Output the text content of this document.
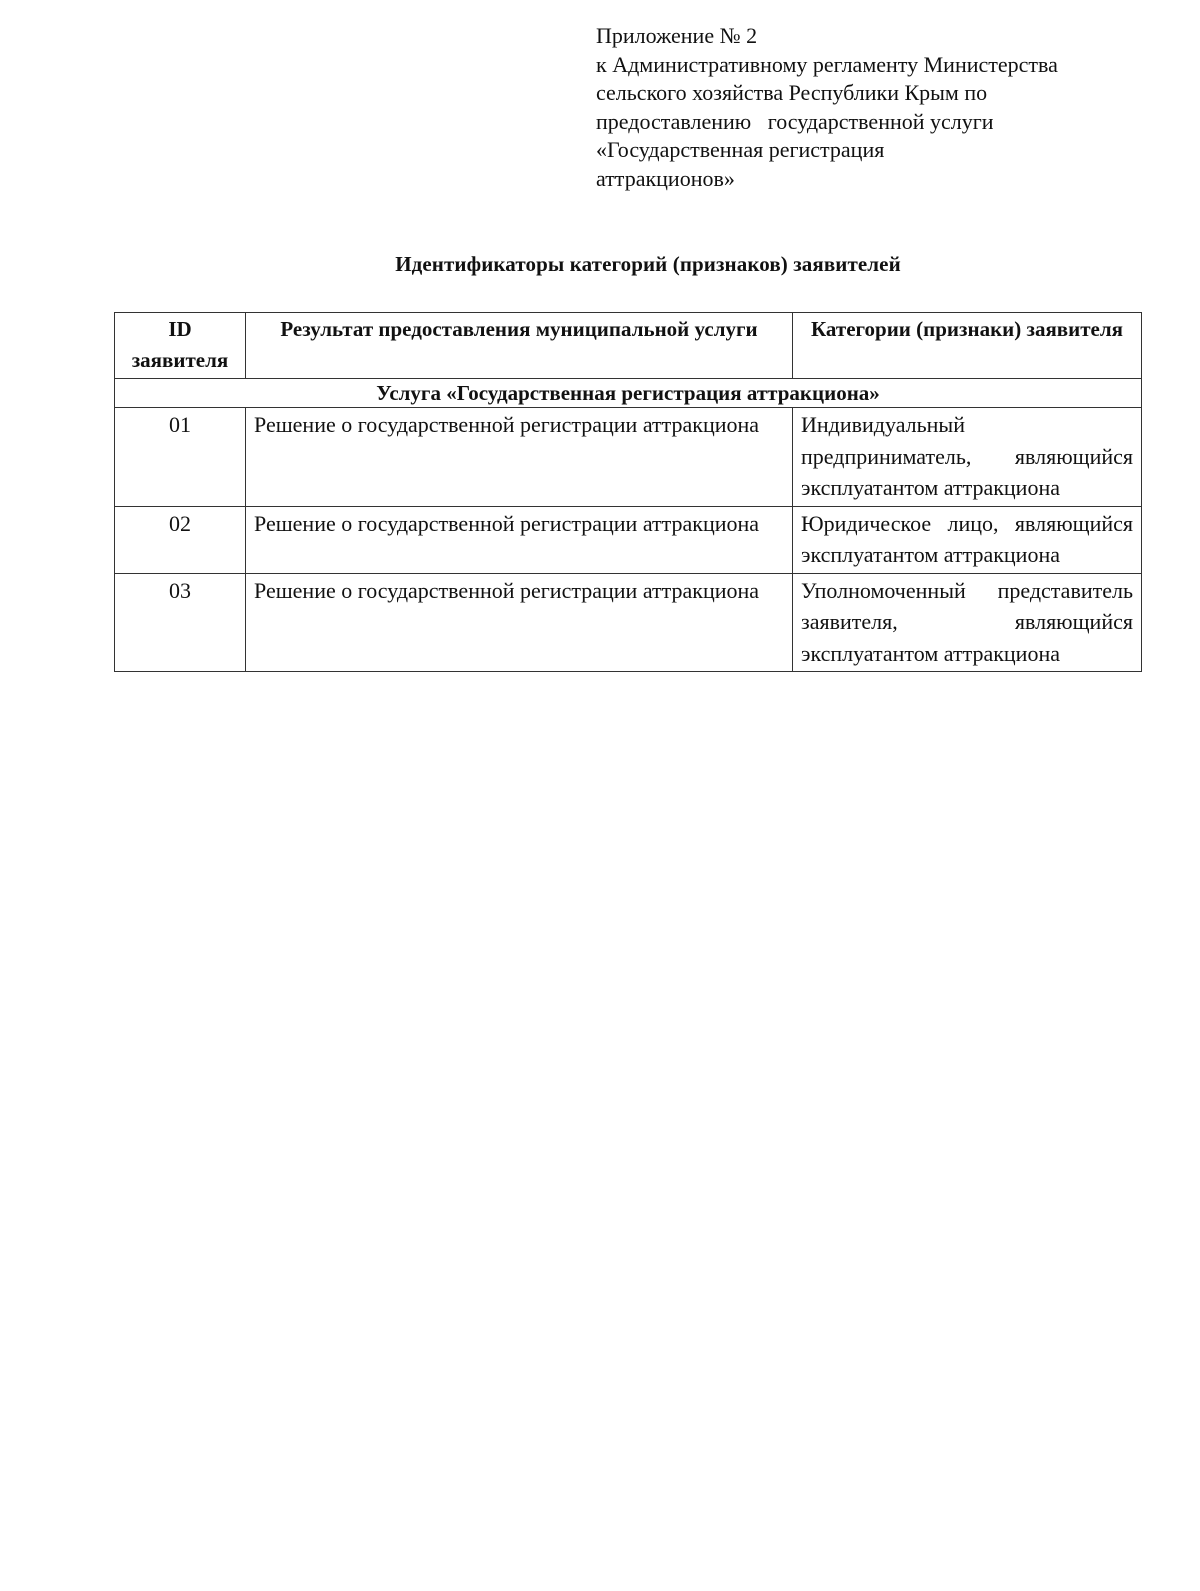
Приложение № 2
к Административному регламенту Министерства
сельского хозяйства Республики Крым по
предоставлению   государственной услуги
«Государственная регистрация
аттракционов»
Идентификаторы категорий (признаков) заявителей
ID заявителя	Результат предоставления муниципальной услуги	Категории (признаки) заявителя
Услуга «Государственная регистрация аттракциона»		
01	Решение о государственной регистрации аттракциона	Индивидуальный предприниматель, являющийся эксплуатантом аттракциона
02	Решение о государственной регистрации аттракциона	Юридическое лицо, являющийся эксплуатантом аттракциона
03	Решение о государственной регистрации аттракциона	Уполномоченный представитель заявителя, являющийся эксплуатантом аттракциона
